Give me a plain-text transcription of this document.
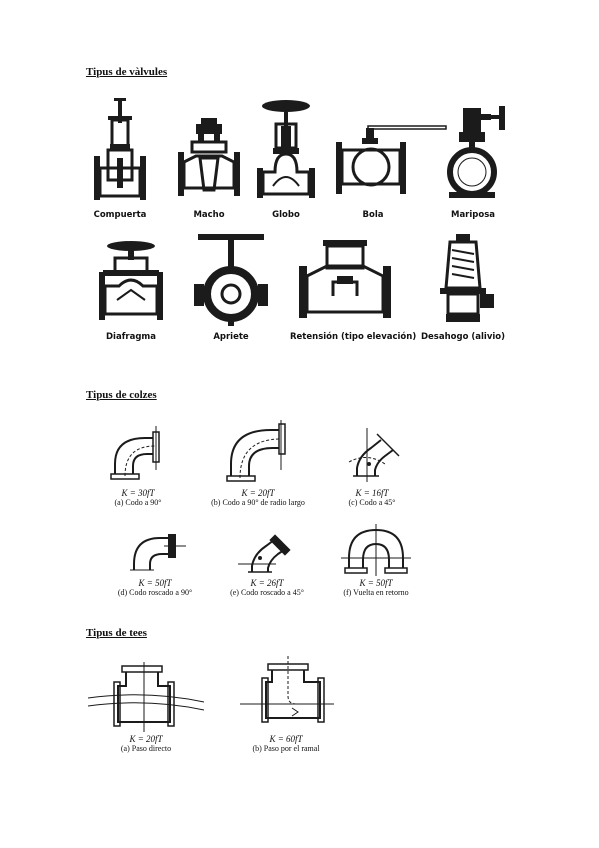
Tipus de vàlvules
Compuerta	Macho	Globo	Bola	Mariposa
Diafragma	Apriete	Retensión (tipo elevación) Desahogo (alivio)
Tipus de colzes
K = 30fT
(a) Codo a 90°
K = 20fT
(b) Codo a 90° de radio largo
K = 16fT
(c) Codo a 45°
K = 50fT
(d) Codo roscado a 90°
K = 26fT
(e) Codo roscado a 45°
K = 50fT
(f) Vuelta en retorno
Tipus de tees
K = 20fT
(a) Paso directo
K = 60fT
(b) Paso por el ramal
